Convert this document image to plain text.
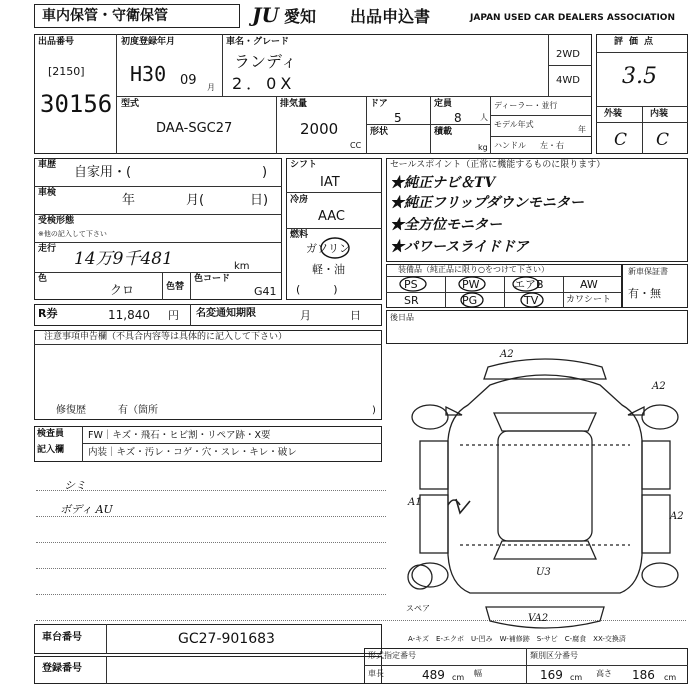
車内保管・守衛保管	JU 愛知 出品申込書	JAPAN USED CAR DEALERS ASSOCIATION
出品番号
[2150]
30156
初度登録年月
H30 09 月
車名・グレード
ランディ
2．0X
2WD
4WD
型式
DAA-SGC27
排気量
2000
CC
ドア
5
定員
8 人
形状	積載
kg
ディーラー・並行
モデル年式
年
ハンドル 左・右
評価点
3.5
外装	内装
C C
車歴 自家用・(	)
車検	年	月(	日)
受検形態
※他の記入して下さい
走行 14万9千481	km
色
クロ	色替
色コード
G41
シフト
IAT
冷房
AAC
燃料
ガソリン
軽・油
(　　　)
セールスポイント（正常に機能するものに限ります）
★純正ナビ＆TV
★純正フリップダウンモニター
★全方位モニター
★パワースライドドア
装備品（純正品に限り○をつけて下さい）
PS	PW	エアB	AW
SR	PG	TV	カワシート
新車保証書
有・無
R券	11,840 円 名変通知期限	月	日	後日品
注意事項申告欄（不具合内容等は具体的に記入して下さい）
修復歴	有（箇所	)
検査員
記入欄
FW｜キズ・飛石・ヒビ割・リペア跡・X要
内装｜キズ・汚レ・コゲ・穴・スレ・キレ・破レ
シミ
ボディ AU
A2
A2
A1
A2
U3
VA2
スペア
A-キズ　E-エクボ　U-凹み　W-補修跡　S-サビ　C-腐食　XX-交換済
車台番号	GC27-901683
登録番号
形式指定番号	類別区分番号
車長	489 cm 幅	169 cm 高さ 186 cm
